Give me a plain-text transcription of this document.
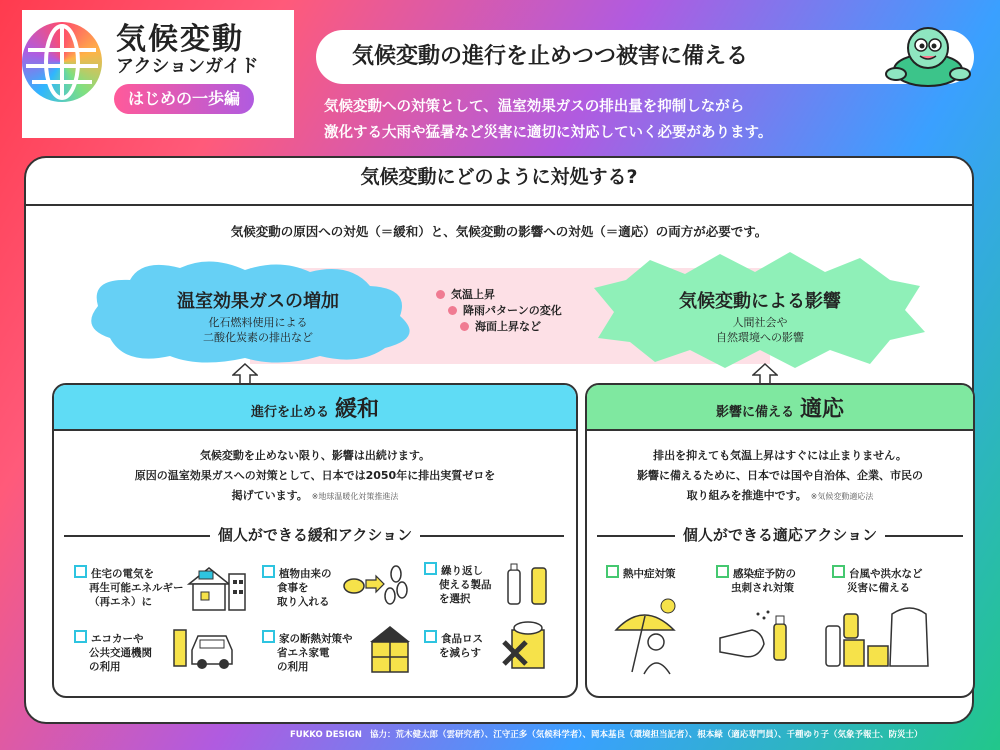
気候変動
アクションガイド
はじめの一歩編
気候変動の進行を止めつつ被害に備える
気候変動への対策として、温室効果ガスの排出量を抑制しながら
激化する大雨や猛暑など災害に適切に対応していく必要があります。
気候変動にどのように対処する?
気候変動の原因への対処（＝緩和）と、気候変動の影響への対処（＝適応）の両方が必要です。
温室効果ガスの増加
化石燃料使用による
二酸化炭素の排出など
気温上昇
降雨パターンの変化
海面上昇など
気候変動による影響
人間社会や
自然環境への影響
進行を止める 緩和
気候変動を止めない限り、影響は出続けます。
原因の温室効果ガスへの対策として、日本では2050年に排出実質ゼロを
掲げています。 ※地球温暖化対策推進法
個人ができる緩和アクション
住宅の電気を
再生可能エネルギー
（再エネ）に
植物由来の
食事を
取り入れる
繰り返し
使える製品
を選択
エコカーや
公共交通機関
の利用
家の断熱対策や
省エネ家電
の利用
食品ロス
を減らす
影響に備える 適応
排出を抑えても気温上昇はすぐには止まりません。
影響に備えるために、日本では国や自治体、企業、市民の
取り組みを推進中です。 ※気候変動適応法
個人ができる適応アクション
熱中症対策	感染症予防の
虫刺され対策
台風や洪水など
災害に備える
FUKKO DESIGN 協力：荒木健太郎（雲研究者）、江守正多（気候科学者）、岡本基良（環境担当記者）、根本緑（適応専門員）、千種ゆり子（気象予報士、防災士）
